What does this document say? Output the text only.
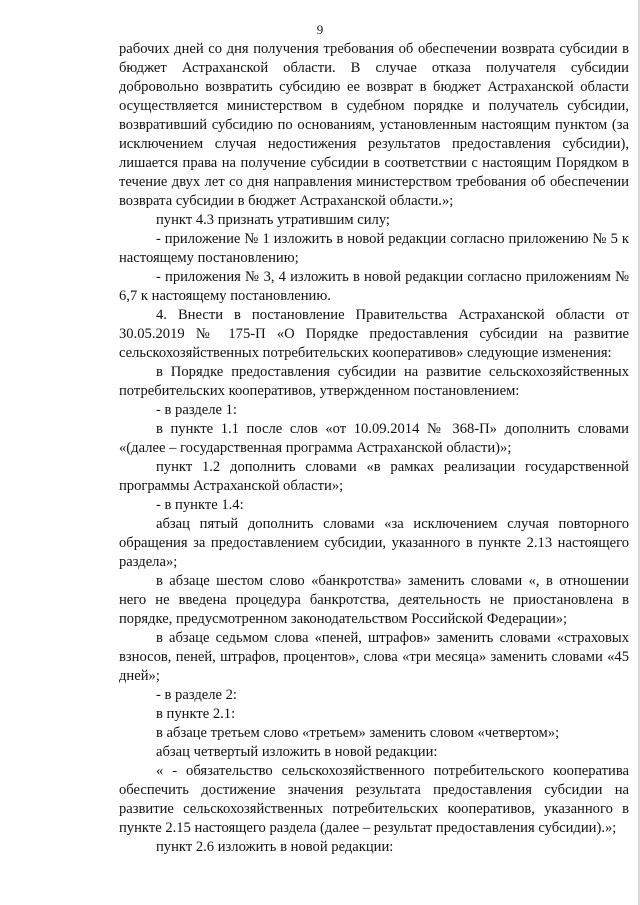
9

рабочих дней со дня получения требования об обеспечении возврата субсидии в бюджет Астраханской области. В случае отказа получателя субсидии добровольно возвратить субсидию ее возврат в бюджет Астраханской области осуществляется министерством в судебном порядке и получатель субсидии, возвративший субсидию по основаниям, установленным настоящим пунктом (за исключением случая недостижения результатов предоставления субсидии), лишается права на получение субсидии в соответствии с настоящим Порядком в течение двух лет со дня направления министерством требования об обеспечении возврата субсидии в бюджет Астраханской области.»;

пункт 4.3 признать утратившим силу;

- приложение № 1 изложить в новой редакции согласно приложению № 5 к настоящему постановлению;

- приложения № 3, 4 изложить в новой редакции согласно приложениям № 6,7 к настоящему постановлению.

4. Внести в постановление Правительства Астраханской области от 30.05.2019 № 175-П «О Порядке предоставления субсидии на развитие сельскохозяйственных потребительских кооперативов» следующие изменения:

в Порядке предоставления субсидии на развитие сельскохозяйственных потребительских кооперативов, утвержденном постановлением:

- в разделе 1:

в пункте 1.1 после слов «от 10.09.2014 № 368-П» дополнить словами «(далее – государственная программа Астраханской области)»;

пункт 1.2 дополнить словами «в рамках реализации государственной программы Астраханской области»;

- в пункте 1.4:

абзац пятый дополнить словами «за исключением случая повторного обращения за предоставлением субсидии, указанного в пункте 2.13 настоящего раздела»;

в абзаце шестом слово «банкротства» заменить словами «, в отношении него не введена процедура банкротства, деятельность не приостановлена в порядке, предусмотренном законодательством Российской Федерации»;

в абзаце седьмом слова «пеней, штрафов» заменить словами «страховых взносов, пеней, штрафов, процентов», слова «три месяца» заменить словами «45 дней»;

- в разделе 2:

в пункте 2.1:

в абзаце третьем слово «третьем» заменить словом «четвертом»;

абзац четвертый изложить в новой редакции:

« - обязательство сельскохозяйственного потребительского кооператива обеспечить достижение значения результата предоставления субсидии на развитие сельскохозяйственных потребительских кооперативов, указанного в пункте 2.15 настоящего раздела (далее – результат предоставления субсидии).»;

пункт 2.6 изложить в новой редакции:
